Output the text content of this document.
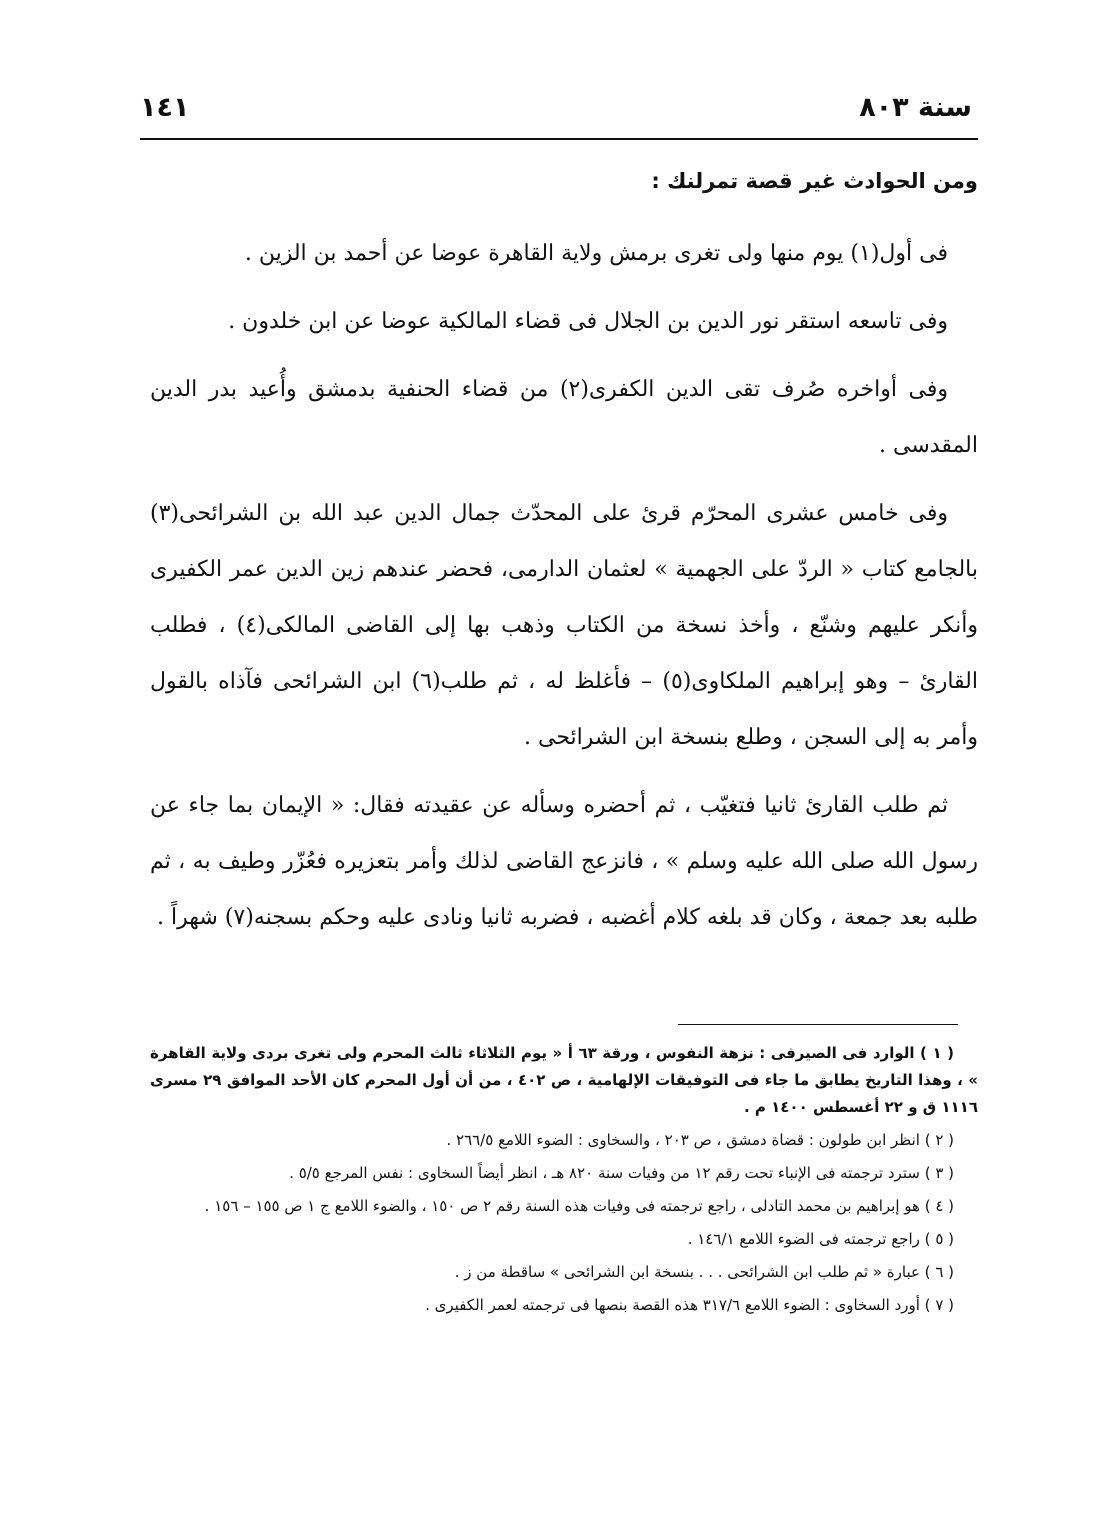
سنة ٨٠٣
١٤١
ومن الحوادث غير قصة تمرلنك :

فى أول(١) يوم منها ولى تغرى برمش ولاية القاهرة عوضا عن أحمد بن الزين .

وفى تاسعه استقر نور الدين بن الجلال فى قضاء المالكية عوضا عن ابن خلدون .

وفى أواخره صُرف تقى الدين الكفرى(٢) من قضاء الحنفية بدمشق وأُعيد بدر الدين المقدسى .

وفى خامس عشرى المحرّم قرئ على المحدّث جمال الدين عبد الله بن الشرائحى(٣) بالجامع كتاب « الردّ على الجهمية » لعثمان الدارمى، فحضر عندهم زين الدين عمر الكفيرى وأنكر عليهم وشنّع ، وأخذ نسخة من الكتاب وذهب بها إلى القاضى المالكى(٤) ، فطلب القارئ – وهو إبراهيم الملكاوى(٥) – فأغلظ له ، ثم طلب(٦) ابن الشرائحى فآذاه بالقول وأمر به إلى السجن ، وطلع بنسخة ابن الشرائحى .

ثم طلب القارئ ثانيا فتغيّب ، ثم أحضره وسأله عن عقيدته فقال: « الإيمان بما جاء عن رسول الله صلى الله عليه وسلم » ، فانزعج القاضى لذلك وأمر بتعزيره فعُزّر وطيف به ، ثم طلبه بعد جمعة ، وكان قد بلغه كلام أغضبه ، فضربه ثانيا ونادى عليه وحكم بسجنه(٧) شهراً .

( ١ ) الوارد فى الصيرفى : نزهة النفوس ، ورقة ٦٣ أ « يوم الثلاثاء ثالث المحرم ولى تغرى بردى ولاية القاهرة » ، وهذا التاريخ يطابق ما جاء فى التوفيقات الإلهامية ، ص ٤٠٢ ، من أن أول المحرم كان الأحد الموافق ٢٩ مسرى ١١١٦ ق و ٢٢ أغسطس ١٤٠٠ م .

( ٢ ) انظر ابن طولون : قضاة دمشق ، ص ٢٠٣ ، والسخاوى : الضوء اللامع ٢٦٦/٥ .

( ٣ ) سترد ترجمته فى الإنباء تحت رقم ١٢ من وفيات سنة ٨٢٠ هـ ، انظر أيضاً السخاوى : نفس المرجع ٥/٥ .

( ٤ ) هو إبراهيم بن محمد التادلى ، راجع ترجمته فى وفيات هذه السنة رقم ٢ ص ١٥٠ ، والضوء اللامع ج ١ ص ١٥٥ – ١٥٦ .

( ٥ ) راجع ترجمته فى الضوء اللامع ١٤٦/١ .

( ٦ ) عبارة « ثم طلب ابن الشرائحى . . . بنسخة ابن الشرائحى » ساقطة من ز .

( ٧ ) أورد السخاوى : الضوء اللامع ٣١٧/٦ هذه القصة بنصها فى ترجمته لعمر الكفيرى .
